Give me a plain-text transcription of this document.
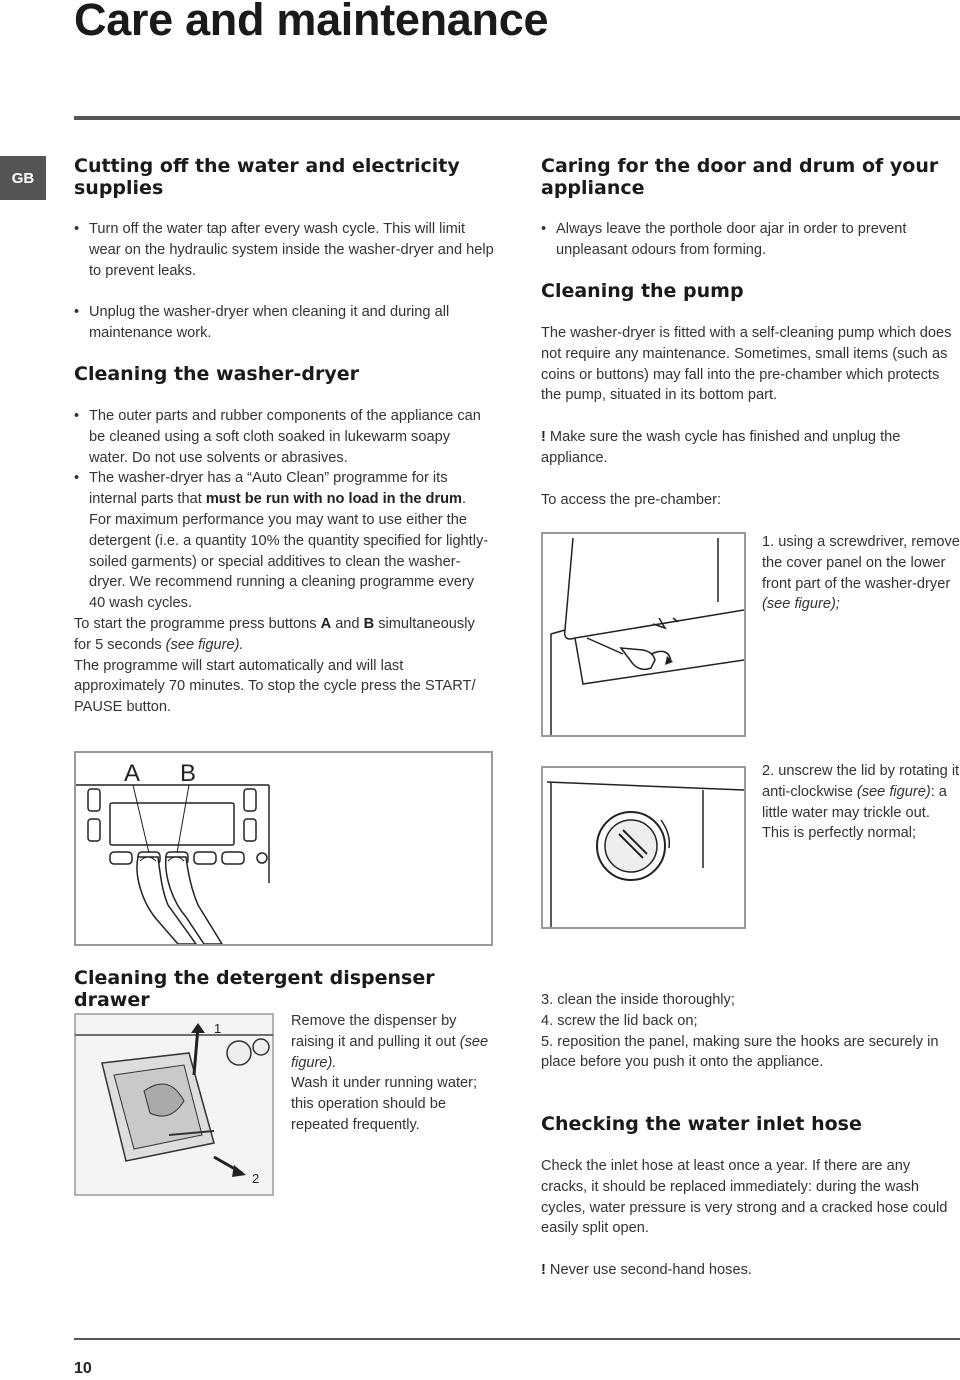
Care and maintenance
GB
Cutting off the water and electricity supplies
• Turn off the water tap after every wash cycle. This will limit wear on the hydraulic system inside the washer-dryer and help to prevent leaks.
• Unplug the washer-dryer when cleaning it and during all maintenance work.
Cleaning the washer-dryer
• The outer parts and rubber components of the appliance can be cleaned using a soft cloth soaked in lukewarm soapy water. Do not use solvents or abrasives.
• The washer-dryer has a “Auto Clean” programme for its internal parts that must be run with no load in the drum. For maximum performance you may want to use either the detergent (i.e. a quantity 10% the quantity specified for lightly-soiled garments) or special additives to clean the washer-dryer. We recommend running a cleaning programme every 40 wash cycles.
To start the programme press buttons A and B simultaneously for 5 seconds (see figure).
The programme will start automatically and will last approximately 70 minutes. To stop the cycle press the START/ PAUSE button.
A B
Cleaning the detergent dispenser drawer
1
2
Remove the dispenser by raising it and pulling it out (see figure).
Wash it under running water; this operation should be repeated frequently.
Caring for the door and drum of your appliance
• Always leave the porthole door ajar in order to prevent unpleasant odours from forming.
Cleaning the pump
The washer-dryer is fitted with a self-cleaning pump which does not require any maintenance. Sometimes, small items (such as coins or buttons) may fall into the pre-chamber which protects the pump, situated in its bottom part.
! Make sure the wash cycle has finished and unplug the appliance.
To access the pre-chamber:
1. using a screwdriver, remove the cover panel on the lower front part of the washer-dryer (see figure);
2. unscrew the lid by rotating it anti-clockwise (see figure): a little water may trickle out. This is perfectly normal;
3. clean the inside thoroughly;
4. screw the lid back on;
5. reposition the panel, making sure the hooks are securely in place before you push it onto the appliance.
Checking the water inlet hose
Check the inlet hose at least once a year. If there are any cracks, it should be replaced immediately: during the wash cycles, water pressure is very strong and a cracked hose could easily split open.
! Never use second-hand hoses.
10
